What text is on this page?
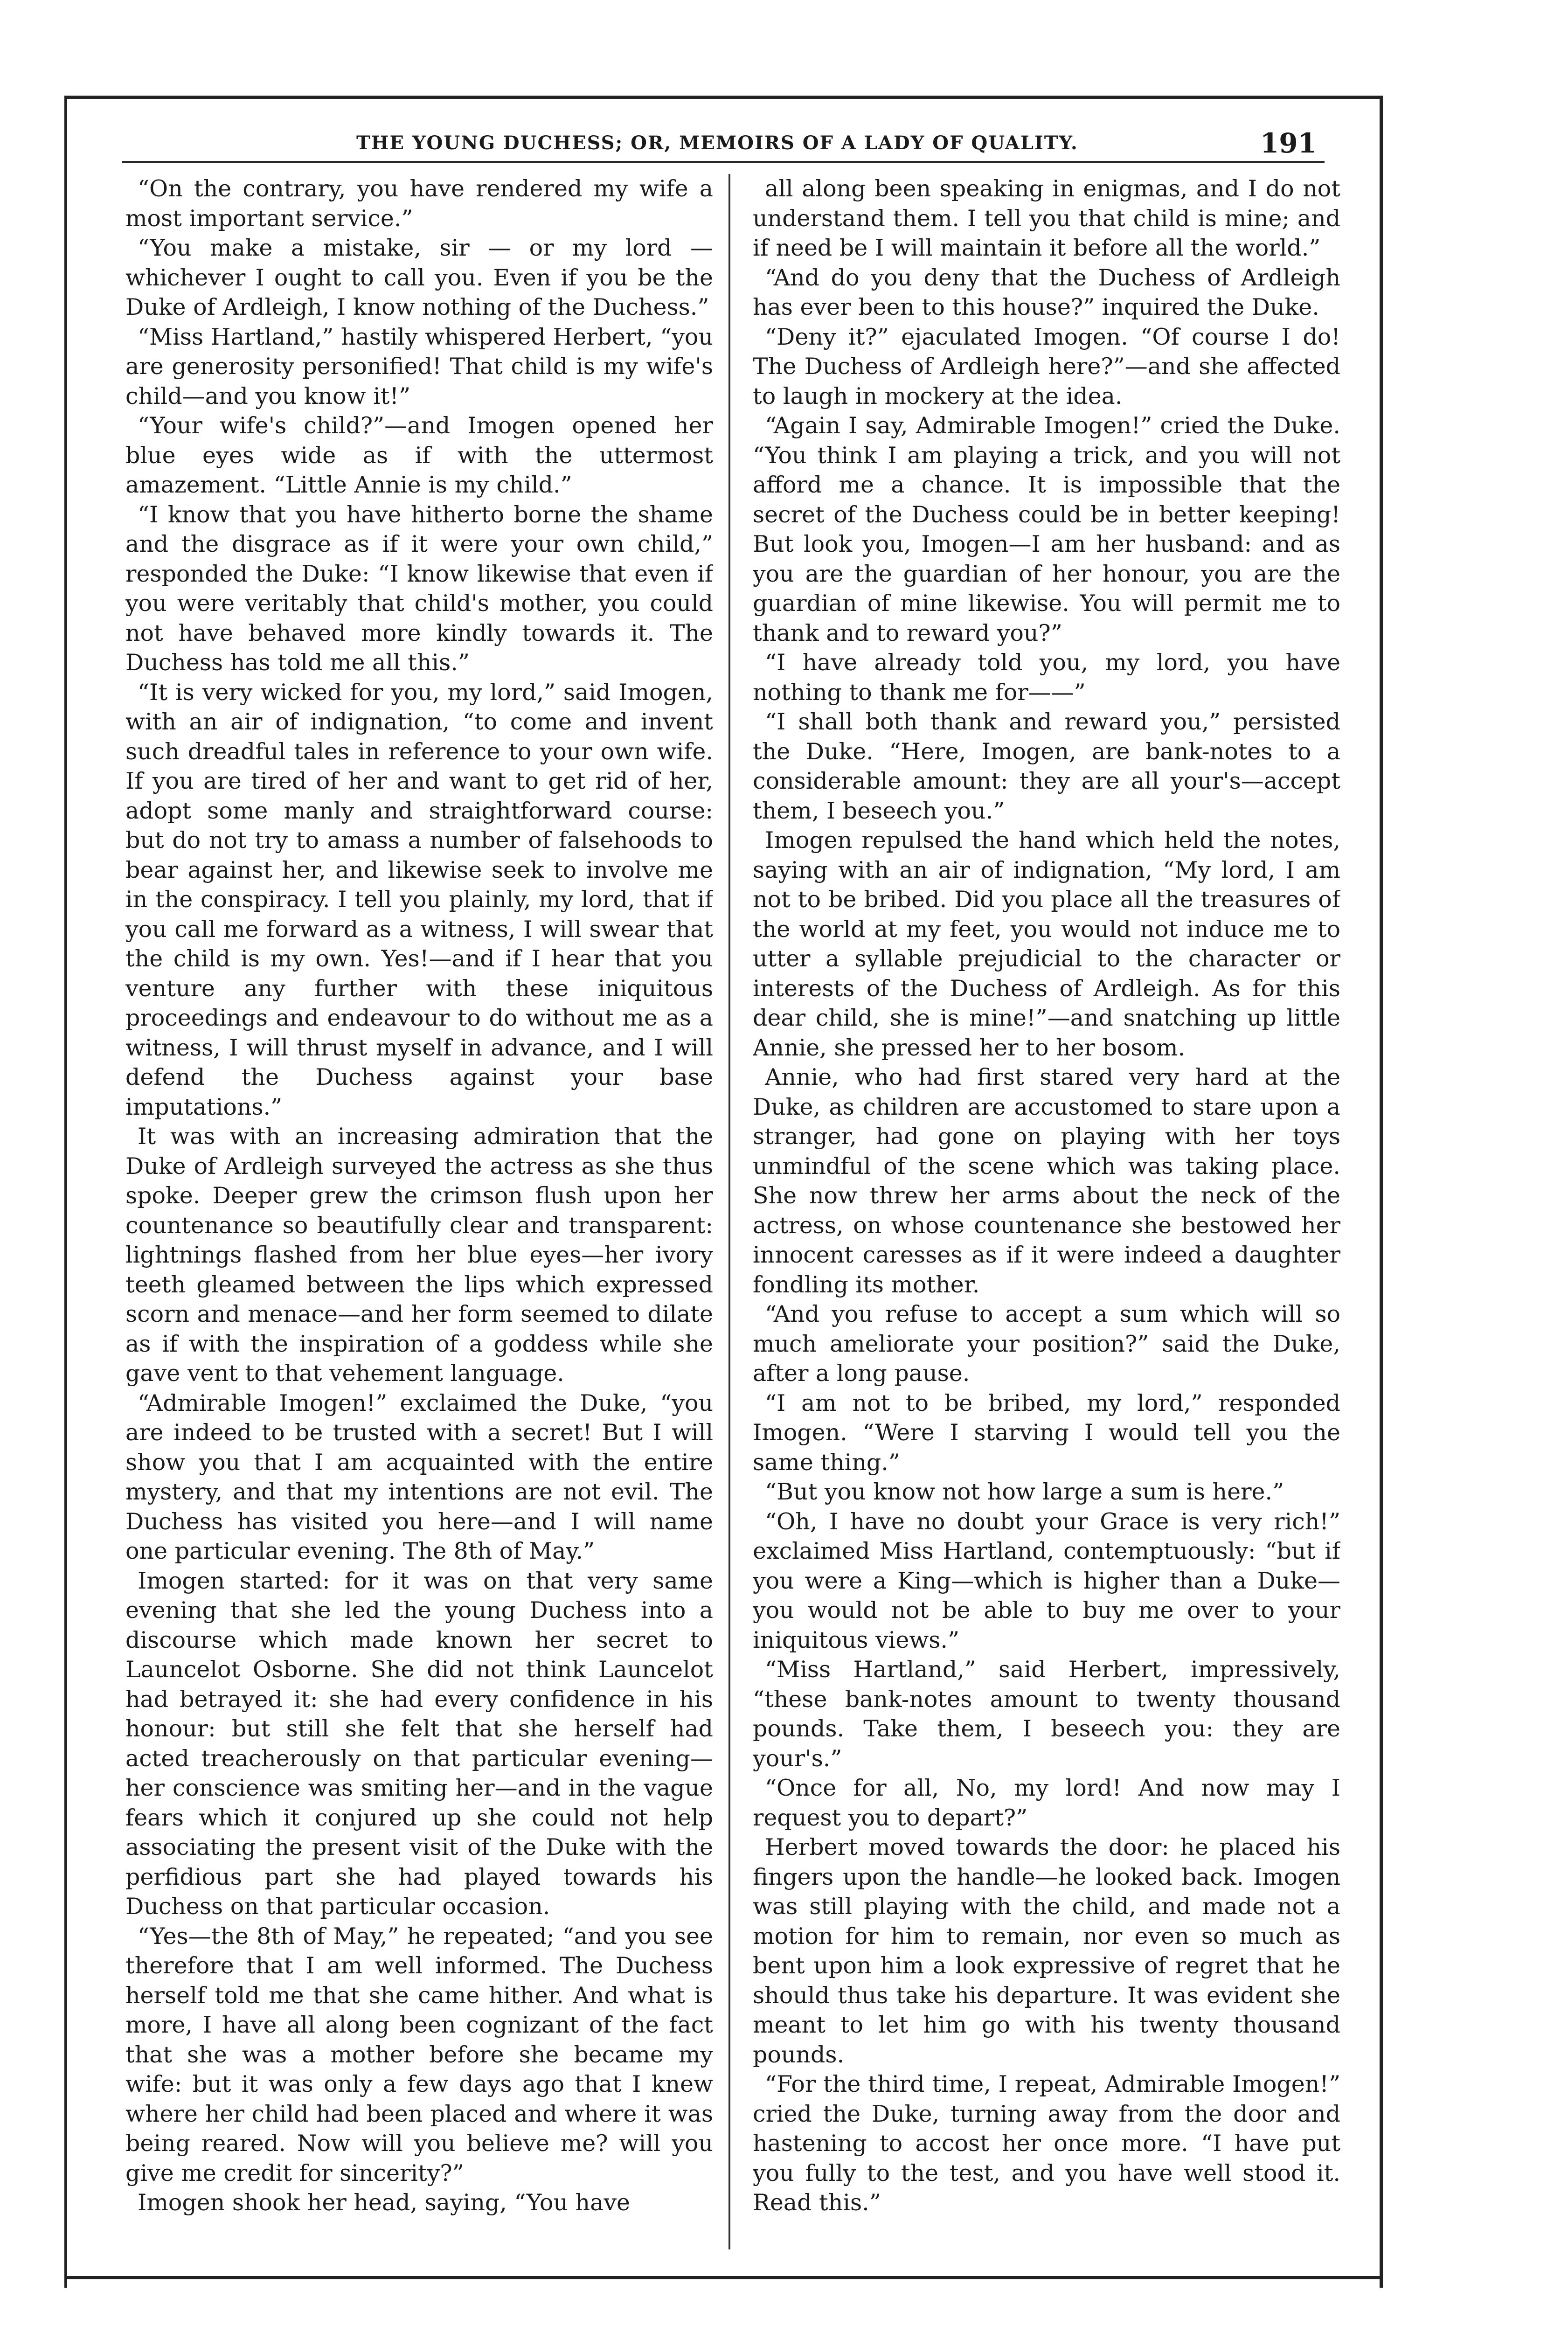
THE YOUNG DUCHESS; OR, MEMOIRS OF A LADY OF QUALITY.	191

“On the contrary, you have rendered my wife a most important service.”

“You make a mistake, sir — or my lord — whichever I ought to call you. Even if you be the Duke of Ardleigh, I know nothing of the Duchess.”

“Miss Hartland,” hastily whispered Herbert, “you are generosity personified! That child is my wife's child—and you know it!”

“Your wife's child?”—and Imogen opened her blue eyes wide as if with the uttermost amazement. “Little Annie is my child.”

“I know that you have hitherto borne the shame and the disgrace as if it were your own child,” responded the Duke: “I know likewise that even if you were veritably that child's mother, you could not have behaved more kindly towards it. The Duchess has told me all this.”

“It is very wicked for you, my lord,” said Imogen, with an air of indignation, “to come and invent such dreadful tales in reference to your own wife. If you are tired of her and want to get rid of her, adopt some manly and straightforward course: but do not try to amass a number of falsehoods to bear against her, and likewise seek to involve me in the conspiracy. I tell you plainly, my lord, that if you call me forward as a witness, I will swear that the child is my own. Yes!—and if I hear that you venture any further with these iniquitous proceedings and endeavour to do without me as a witness, I will thrust myself in advance, and I will defend the Duchess against your base imputations.”

It was with an increasing admiration that the Duke of Ardleigh surveyed the actress as she thus spoke. Deeper grew the crimson flush upon her countenance so beautifully clear and transparent: lightnings flashed from her blue eyes—her ivory teeth gleamed between the lips which expressed scorn and menace—and her form seemed to dilate as if with the inspiration of a goddess while she gave vent to that vehement language.

“Admirable Imogen!” exclaimed the Duke, “you are indeed to be trusted with a secret! But I will show you that I am acquainted with the entire mystery, and that my intentions are not evil. The Duchess has visited you here—and I will name one particular evening. The 8th of May.”

Imogen started: for it was on that very same evening that she led the young Duchess into a discourse which made known her secret to Launcelot Osborne. She did not think Launcelot had betrayed it: she had every confidence in his honour: but still she felt that she herself had acted treacherously on that particular evening—her conscience was smiting her—and in the vague fears which it conjured up she could not help associating the present visit of the Duke with the perfidious part she had played towards his Duchess on that particular occasion.

“Yes—the 8th of May,” he repeated; “and you see therefore that I am well informed. The Duchess herself told me that she came hither. And what is more, I have all along been cognizant of the fact that she was a mother before she became my wife: but it was only a few days ago that I knew where her child had been placed and where it was being reared. Now will you believe me? will you give me credit for sincerity?”

Imogen shook her head, saying, “You have

all along been speaking in enigmas, and I do not understand them. I tell you that child is mine; and if need be I will maintain it before all the world.”

“And do you deny that the Duchess of Ardleigh has ever been to this house?” inquired the Duke.

“Deny it?” ejaculated Imogen. “Of course I do! The Duchess of Ardleigh here?”—and she affected to laugh in mockery at the idea.

“Again I say, Admirable Imogen!” cried the Duke. “You think I am playing a trick, and you will not afford me a chance. It is impossible that the secret of the Duchess could be in better keeping! But look you, Imogen—I am her husband: and as you are the guardian of her honour, you are the guardian of mine likewise. You will permit me to thank and to reward you?”

“I have already told you, my lord, you have nothing to thank me for——”

“I shall both thank and reward you,” persisted the Duke. “Here, Imogen, are bank-notes to a considerable amount: they are all your's—accept them, I beseech you.”

Imogen repulsed the hand which held the notes, saying with an air of indignation, “My lord, I am not to be bribed. Did you place all the treasures of the world at my feet, you would not induce me to utter a syllable prejudicial to the character or interests of the Duchess of Ardleigh. As for this dear child, she is mine!”—and snatching up little Annie, she pressed her to her bosom.

Annie, who had first stared very hard at the Duke, as children are accustomed to stare upon a stranger, had gone on playing with her toys unmindful of the scene which was taking place. She now threw her arms about the neck of the actress, on whose countenance she bestowed her innocent caresses as if it were indeed a daughter fondling its mother.

“And you refuse to accept a sum which will so much ameliorate your position?” said the Duke, after a long pause.

“I am not to be bribed, my lord,” responded Imogen. “Were I starving I would tell you the same thing.”

“But you know not how large a sum is here.”

“Oh, I have no doubt your Grace is very rich!” exclaimed Miss Hartland, contemptuously: “but if you were a King—which is higher than a Duke—you would not be able to buy me over to your iniquitous views.”

“Miss Hartland,” said Herbert, impressively, “these bank-notes amount to twenty thousand pounds. Take them, I beseech you: they are your's.”

“Once for all, No, my lord! And now may I request you to depart?”

Herbert moved towards the door: he placed his fingers upon the handle—he looked back. Imogen was still playing with the child, and made not a motion for him to remain, nor even so much as bent upon him a look expressive of regret that he should thus take his departure. It was evident she meant to let him go with his twenty thousand pounds.

“For the third time, I repeat, Admirable Imogen!” cried the Duke, turning away from the door and hastening to accost her once more. “I have put you fully to the test, and you have well stood it. Read this.”
